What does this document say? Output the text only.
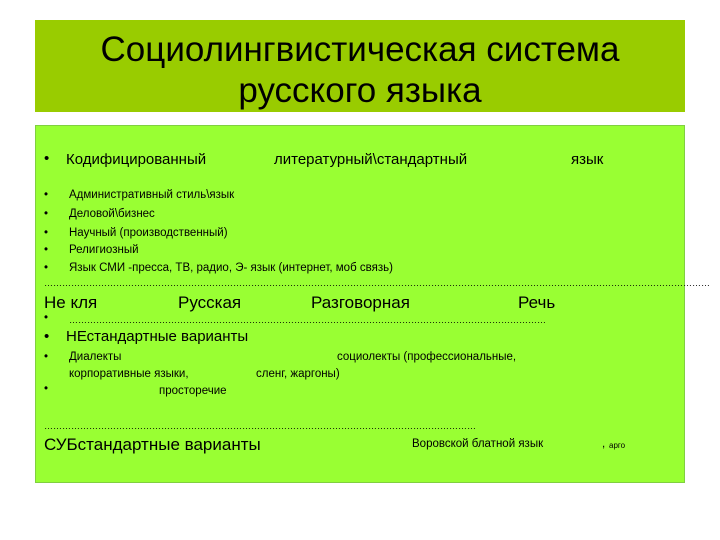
Социолингвистическая система
русского языка
• Кодифицированный	литературный\стандартный	язык
• Административный стиль\язык
• Деловой\бизнес
• Научный (производственный)
• Религиозный
• Язык СМИ -пресса, ТВ, радио, Э- язык (интернет, моб связь)
……………………………………………………………………………………………………………………………………………………………………………………………………
Не кля	Русская	Разговорная	Речь
• ……………………………………………………………………………………………………………………………………………
• НЕстандартные варианты
• Диалекты	социолекты (профессиональные,
корпоративные языки,	сленг, жаргоны)
•	просторечие
………………………………………………………………………………………………………………………………
СУБстандартные варианты	Воровской блатной язык	, арго
